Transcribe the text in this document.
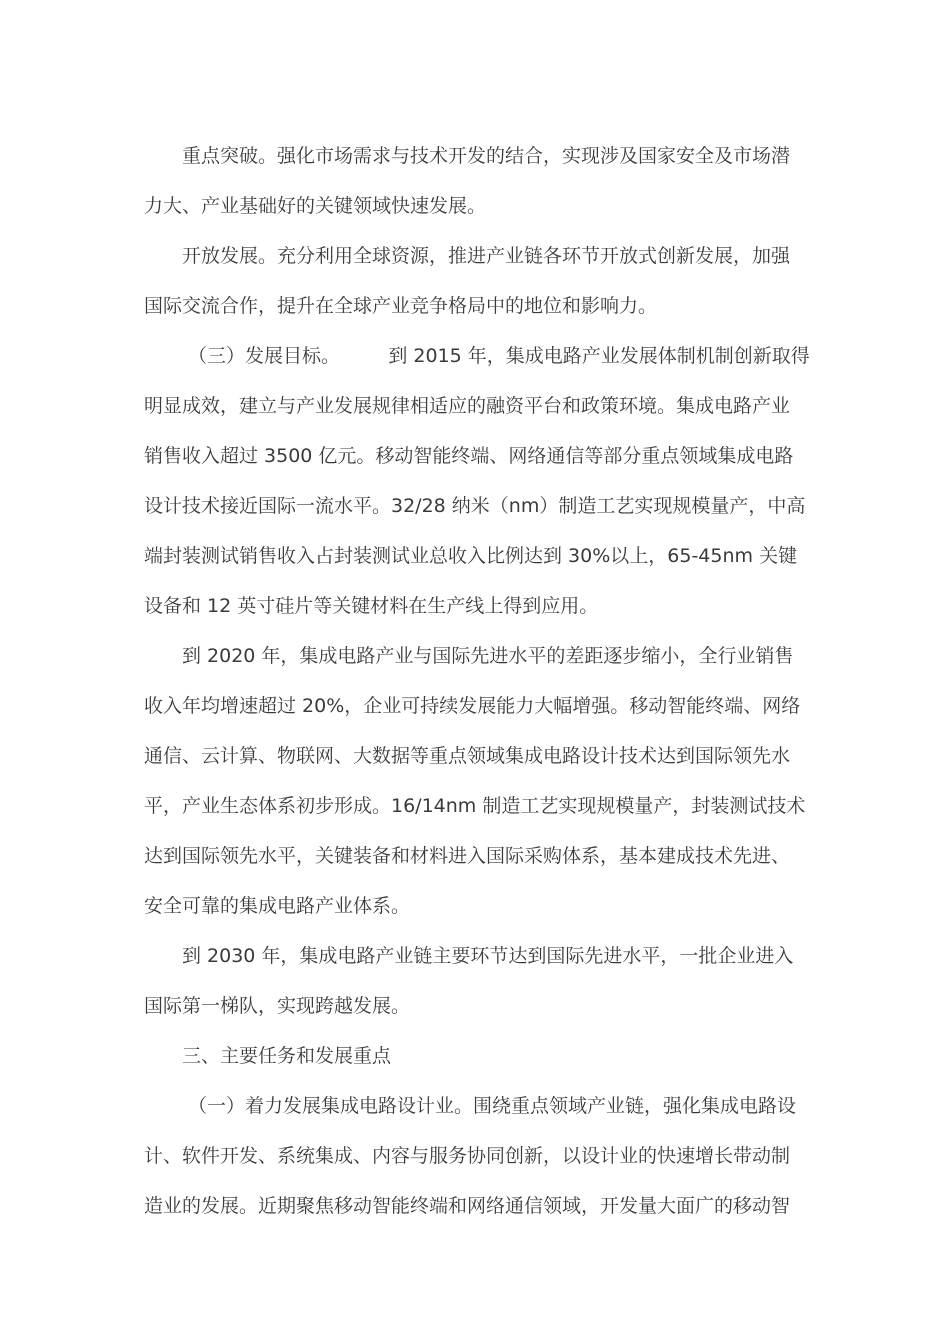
重点突破。强化市场需求与技术开发的结合，实现涉及国家安全及市场潜
力大、产业基础好的关键领域快速发展。
开放发展。充分利用全球资源，推进产业链各环节开放式创新发展，加强
国际交流合作，提升在全球产业竞争格局中的地位和影响力。
（三）发展目标。        到 2015 年，集成电路产业发展体制机制创新取得
明显成效，建立与产业发展规律相适应的融资平台和政策环境。集成电路产业
销售收入超过 3500 亿元。移动智能终端、网络通信等部分重点领域集成电路
设计技术接近国际一流水平。32/28 纳米（nm）制造工艺实现规模量产，中高
端封装测试销售收入占封装测试业总收入比例达到 30%以上，65-45nm 关键
设备和 12 英寸硅片等关键材料在生产线上得到应用。
到 2020 年，集成电路产业与国际先进水平的差距逐步缩小，全行业销售
收入年均增速超过 20%，企业可持续发展能力大幅增强。移动智能终端、网络
通信、云计算、物联网、大数据等重点领域集成电路设计技术达到国际领先水
平，产业生态体系初步形成。16/14nm 制造工艺实现规模量产，封装测试技术
达到国际领先水平，关键装备和材料进入国际采购体系，基本建成技术先进、
安全可靠的集成电路产业体系。
到 2030 年，集成电路产业链主要环节达到国际先进水平，一批企业进入
国际第一梯队，实现跨越发展。
三、主要任务和发展重点
（一）着力发展集成电路设计业。围绕重点领域产业链，强化集成电路设
计、软件开发、系统集成、内容与服务协同创新，以设计业的快速增长带动制
造业的发展。近期聚焦移动智能终端和网络通信领域，开发量大面广的移动智
